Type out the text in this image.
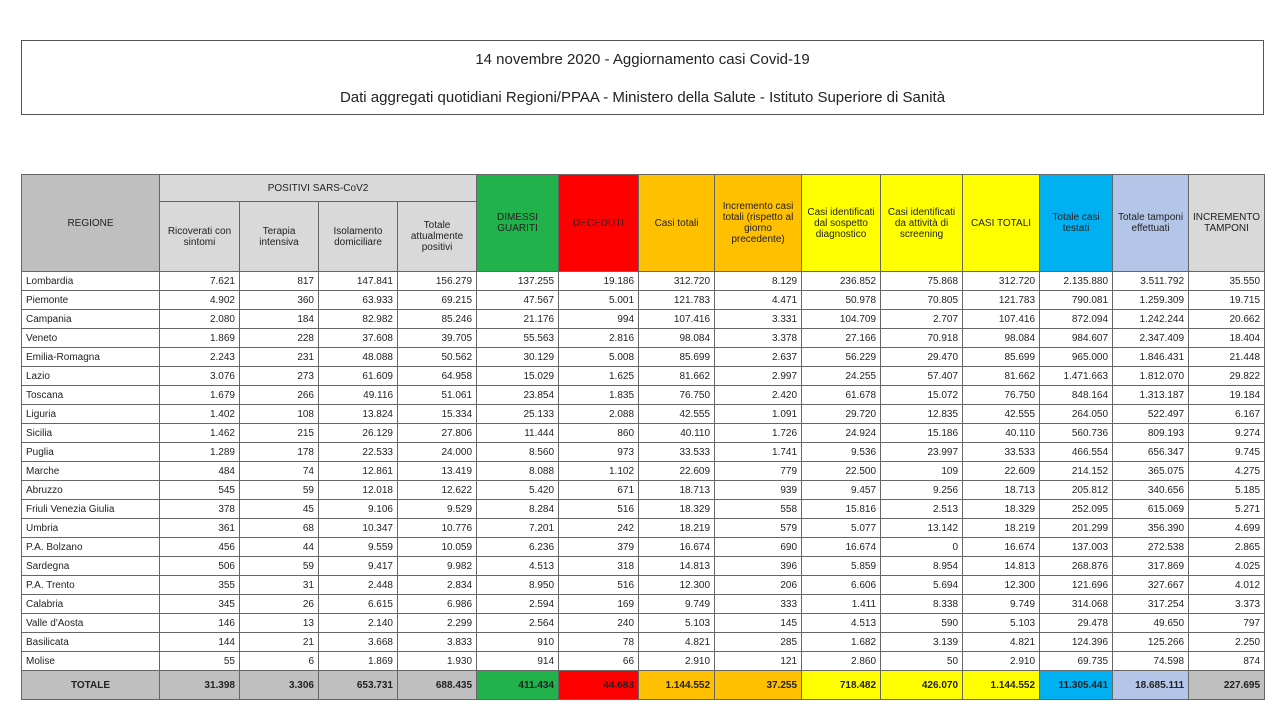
14 novembre 2020 - Aggiornamento casi Covid-19
Dati aggregati quotidiani Regioni/PPAA - Ministero della Salute - Istituto Superiore di Sanità
REGIONE	POSITIVI SARS-CoV2				DIMESSI GUARITI	DECEDUTI	Casi totali	Incremento casi totali (rispetto al giorno precedente)	Casi identificati dal sospetto diagnostico	Casi identificati da attività di screening	CASI TOTALI	Totale casi testati	Totale tamponi effettuati	INCREMENTO TAMPONI
	Ricoverati con sintomi	Terapia intensiva	Isolamento domiciliare	Totale attualmente positivi										
Lombardia	7.621	817	147.841	156.279	137.255	19.186	312.720	8.129	236.852	75.868	312.720	2.135.880	3.511.792	35.550
Piemonte	4.902	360	63.933	69.215	47.567	5.001	121.783	4.471	50.978	70.805	121.783	790.081	1.259.309	19.715
Campania	2.080	184	82.982	85.246	21.176	994	107.416	3.331	104.709	2.707	107.416	872.094	1.242.244	20.662
Veneto	1.869	228	37.608	39.705	55.563	2.816	98.084	3.378	27.166	70.918	98.084	984.607	2.347.409	18.404
Emilia-Romagna	2.243	231	48.088	50.562	30.129	5.008	85.699	2.637	56.229	29.470	85.699	965.000	1.846.431	21.448
Lazio	3.076	273	61.609	64.958	15.029	1.625	81.662	2.997	24.255	57.407	81.662	1.471.663	1.812.070	29.822
Toscana	1.679	266	49.116	51.061	23.854	1.835	76.750	2.420	61.678	15.072	76.750	848.164	1.313.187	19.184
Liguria	1.402	108	13.824	15.334	25.133	2.088	42.555	1.091	29.720	12.835	42.555	264.050	522.497	6.167
Sicilia	1.462	215	26.129	27.806	11.444	860	40.110	1.726	24.924	15.186	40.110	560.736	809.193	9.274
Puglia	1.289	178	22.533	24.000	8.560	973	33.533	1.741	9.536	23.997	33.533	466.554	656.347	9.745
Marche	484	74	12.861	13.419	8.088	1.102	22.609	779	22.500	109	22.609	214.152	365.075	4.275
Abruzzo	545	59	12.018	12.622	5.420	671	18.713	939	9.457	9.256	18.713	205.812	340.656	5.185
Friuli Venezia Giulia	378	45	9.106	9.529	8.284	516	18.329	558	15.816	2.513	18.329	252.095	615.069	5.271
Umbria	361	68	10.347	10.776	7.201	242	18.219	579	5.077	13.142	18.219	201.299	356.390	4.699
P.A. Bolzano	456	44	9.559	10.059	6.236	379	16.674	690	16.674	0	16.674	137.003	272.538	2.865
Sardegna	506	59	9.417	9.982	4.513	318	14.813	396	5.859	8.954	14.813	268.876	317.869	4.025
P.A. Trento	355	31	2.448	2.834	8.950	516	12.300	206	6.606	5.694	12.300	121.696	327.667	4.012
Calabria	345	26	6.615	6.986	2.594	169	9.749	333	1.411	8.338	9.749	314.068	317.254	3.373
Valle d'Aosta	146	13	2.140	2.299	2.564	240	5.103	145	4.513	590	5.103	29.478	49.650	797
Basilicata	144	21	3.668	3.833	910	78	4.821	285	1.682	3.139	4.821	124.396	125.266	2.250
Molise	55	6	1.869	1.930	914	66	2.910	121	2.860	50	2.910	69.735	74.598	874
TOTALE	31.398	3.306	653.731	688.435	411.434	44.683	1.144.552	37.255	718.482	426.070	1.144.552	11.305.441	18.685.111	227.695
